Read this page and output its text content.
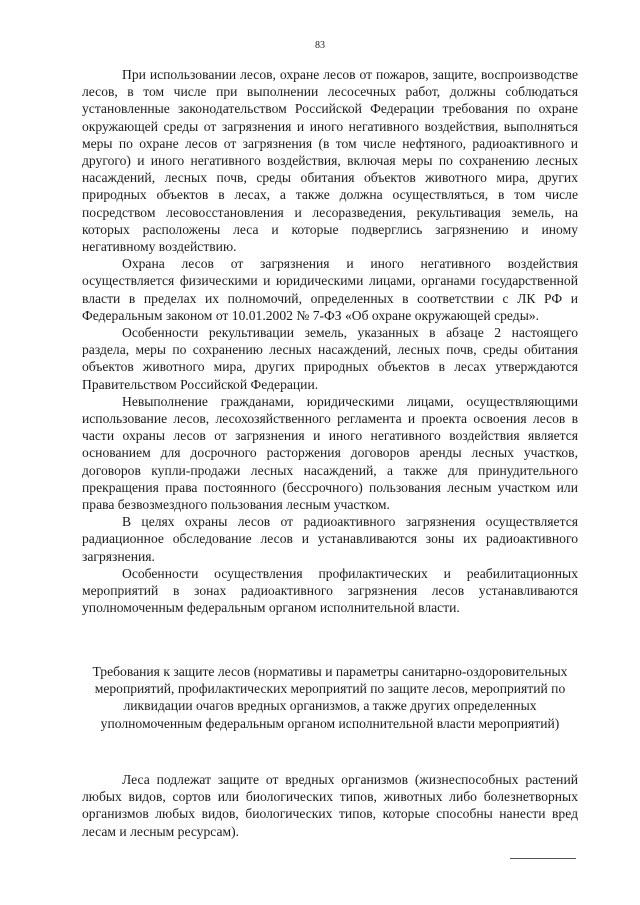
83

При использовании лесов, охране лесов от пожаров, защите, воспроизводстве лесов, в том числе при выполнении лесосечных работ, должны соблюдаться установленные законодательством Российской Федерации требования по охране окружающей среды от загрязнения и иного негативного воздействия, выполняться меры по охране лесов от загрязнения (в том числе нефтяного, радиоактивного и другого) и иного негативного воздействия, включая меры по сохранению лесных насаждений, лесных почв, среды обитания объектов животного мира, других природных объектов в лесах, а также должна осуществляться, в том числе посредством лесовосстановления и лесоразведения, рекультивация земель, на которых расположены леса и которые подверглись загрязнению и иному негативному воздействию.

Охрана лесов от загрязнения и иного негативного воздействия осуществляется физическими и юридическими лицами, органами государственной власти в пределах их полномочий, определенных в соответствии с ЛК РФ и Федеральным законом от 10.01.2002 № 7-ФЗ «Об охране окружающей среды».

Особенности рекультивации земель, указанных в абзаце 2 настоящего раздела, меры по сохранению лесных насаждений, лесных почв, среды обитания объектов животного мира, других природных объектов в лесах утверждаются Правительством Российской Федерации.

Невыполнение гражданами, юридическими лицами, осуществляющими использование лесов, лесохозяйственного регламента и проекта освоения лесов в части охраны лесов от загрязнения и иного негативного воздействия является основанием для досрочного расторжения договоров аренды лесных участков, договоров купли-продажи лесных насаждений, а также для принудительного прекращения права постоянного (бессрочного) пользования лесным участком или права безвозмездного пользования лесным участком.

В целях охраны лесов от радиоактивного загрязнения осуществляется радиационное обследование лесов и устанавливаются зоны их радиоактивного загрязнения.

Особенности осуществления профилактических и реабилитационных мероприятий в зонах радиоактивного загрязнения лесов устанавливаются уполномоченным федеральным органом исполнительной власти.

Требования к защите лесов (нормативы и параметры санитарно-оздоровительных мероприятий, профилактических мероприятий по защите лесов, мероприятий по ликвидации очагов вредных организмов, а также других определенных уполномоченным федеральным органом исполнительной власти мероприятий)

Леса подлежат защите от вредных организмов (жизнеспособных растений любых видов, сортов или биологических типов, животных либо болезнетворных организмов любых видов, биологических типов, которые способны нанести вред лесам и лесным ресурсам).
